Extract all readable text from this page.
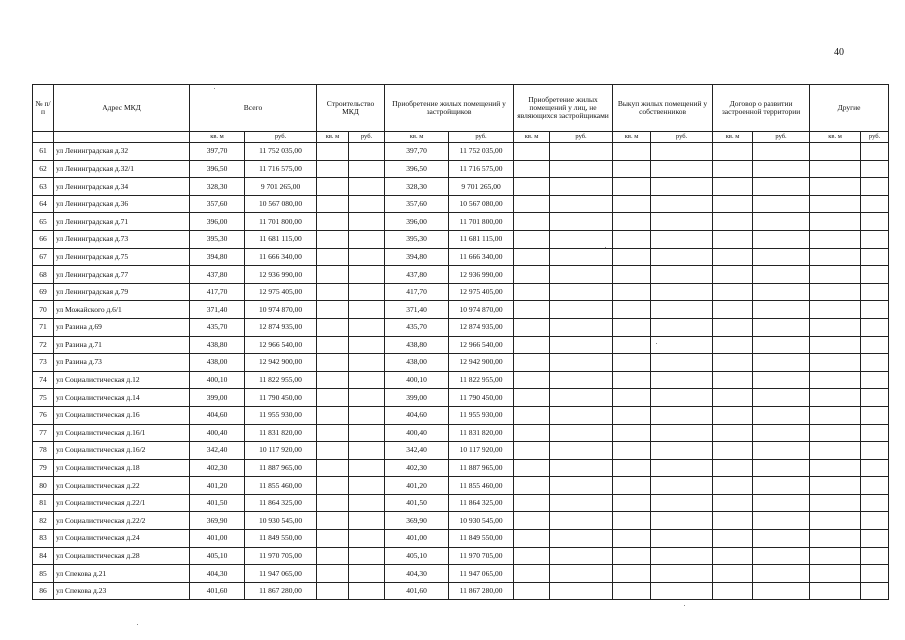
40
№ п/п	Адрес МКД	Всего		Строительство МКД		Приобретение жилых помещений у застройщиков		Приобретение жилых помещений у лиц, не являющихся застройщиками		Выкуп жилых помещений у собственников		Договор о развитии застроенной территории		Другие	
		кв. м	руб.	кв. м	руб.	кв. м	руб.	кв. м	руб.	кв. м	руб.	кв. м	руб.	кв. м	руб.
61	ул Ленинградская д.32	397,70	11 752 035,00			397,70	11 752 035,00								
62	ул Ленинградская д.32/1	396,50	11 716 575,00			396,50	11 716 575,00								
63	ул Ленинградская д.34	328,30	9 701 265,00			328,30	9 701 265,00								
64	ул Ленинградская д.36	357,60	10 567 080,00			357,60	10 567 080,00								
65	ул Ленинградская д.71	396,00	11 701 800,00			396,00	11 701 800,00								
66	ул Ленинградская д.73	395,30	11 681 115,00			395,30	11 681 115,00								
67	ул Ленинградская д.75	394,80	11 666 340,00			394,80	11 666 340,00								
68	ул Ленинградская д.77	437,80	12 936 990,00			437,80	12 936 990,00								
69	ул Ленинградская д.79	417,70	12 975 405,00			417,70	12 975 405,00								
70	ул Можайского д.6/1	371,40	10 974 870,00			371,40	10 974 870,00								
71	ул Разина д.69	435,70	12 874 935,00			435,70	12 874 935,00								
72	ул Разина д.71	438,80	12 966 540,00			438,80	12 966 540,00								
73	ул Разина д.73	438,00	12 942 900,00			438,00	12 942 900,00								
74	ул Социалистическая д.12	400,10	11 822 955,00			400,10	11 822 955,00								
75	ул Социалистическая д.14	399,00	11 790 450,00			399,00	11 790 450,00								
76	ул Социалистическая д.16	404,60	11 955 930,00			404,60	11 955 930,00								
77	ул Социалистическая д.16/1	400,40	11 831 820,00			400,40	11 831 820,00								
78	ул Социалистическая д.16/2	342,40	10 117 920,00			342,40	10 117 920,00								
79	ул Социалистическая д.18	402,30	11 887 965,00			402,30	11 887 965,00								
80	ул Социалистическая д.22	401,20	11 855 460,00			401,20	11 855 460,00								
81	ул Социалистическая д.22/1	401,50	11 864 325,00			401,50	11 864 325,00								
82	ул Социалистическая д.22/2	369,90	10 930 545,00			369,90	10 930 545,00								
83	ул Социалистическая д.24	401,00	11 849 550,00			401,00	11 849 550,00								
84	ул Социалистическая д.28	405,10	11 970 705,00			405,10	11 970 705,00								
85	ул Спекова д.21	404,30	11 947 065,00			404,30	11 947 065,00								
86	ул Спекова д.23	401,60	11 867 280,00			401,60	11 867 280,00								
